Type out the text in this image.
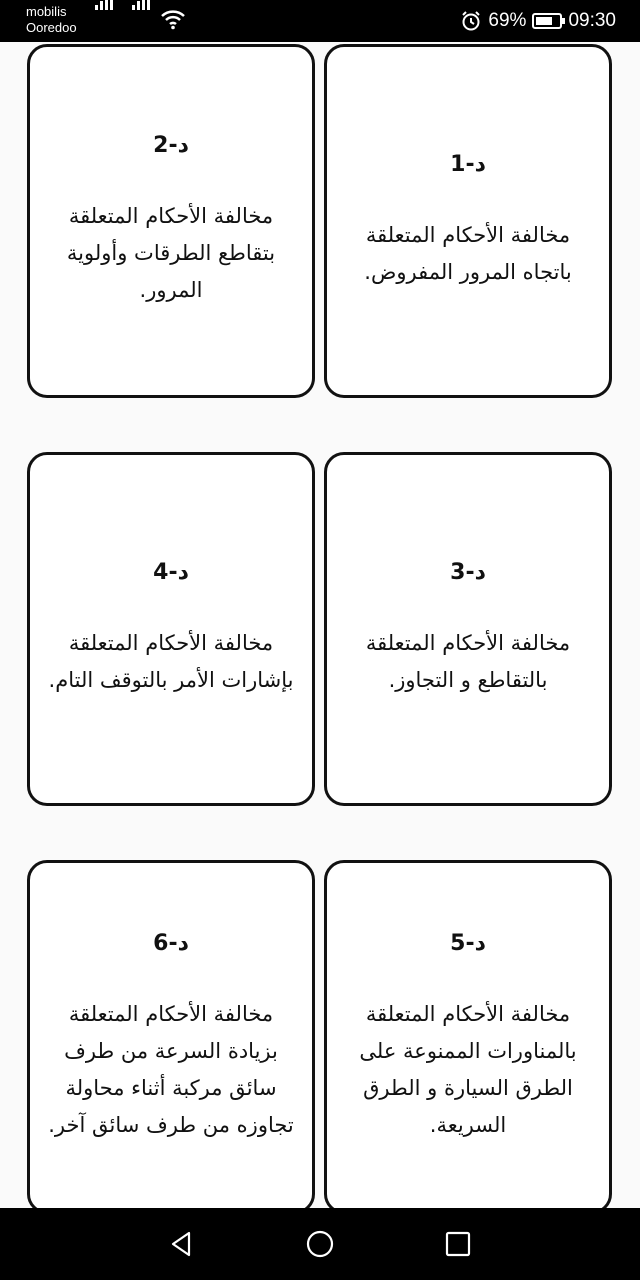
mobilis
Ooredoo	69% 09:30
د-1
مخالفة الأحكام المتعلقة باتجاه المرور المفروض.
د-2
مخالفة الأحكام المتعلقة بتقاطع الطرقات وأولوية المرور.
د-3
مخالفة الأحكام المتعلقة بالتقاطع و التجاوز.
د-4
مخالفة الأحكام المتعلقة بإشارات الأمر بالتوقف التام.
د-5
مخالفة الأحكام المتعلقة بالمناورات الممنوعة على الطرق السيارة و الطرق السريعة.
د-6
مخالفة الأحكام المتعلقة بزيادة السرعة من طرف سائق مركبة أثناء محاولة تجاوزه من طرف سائق آخر.
